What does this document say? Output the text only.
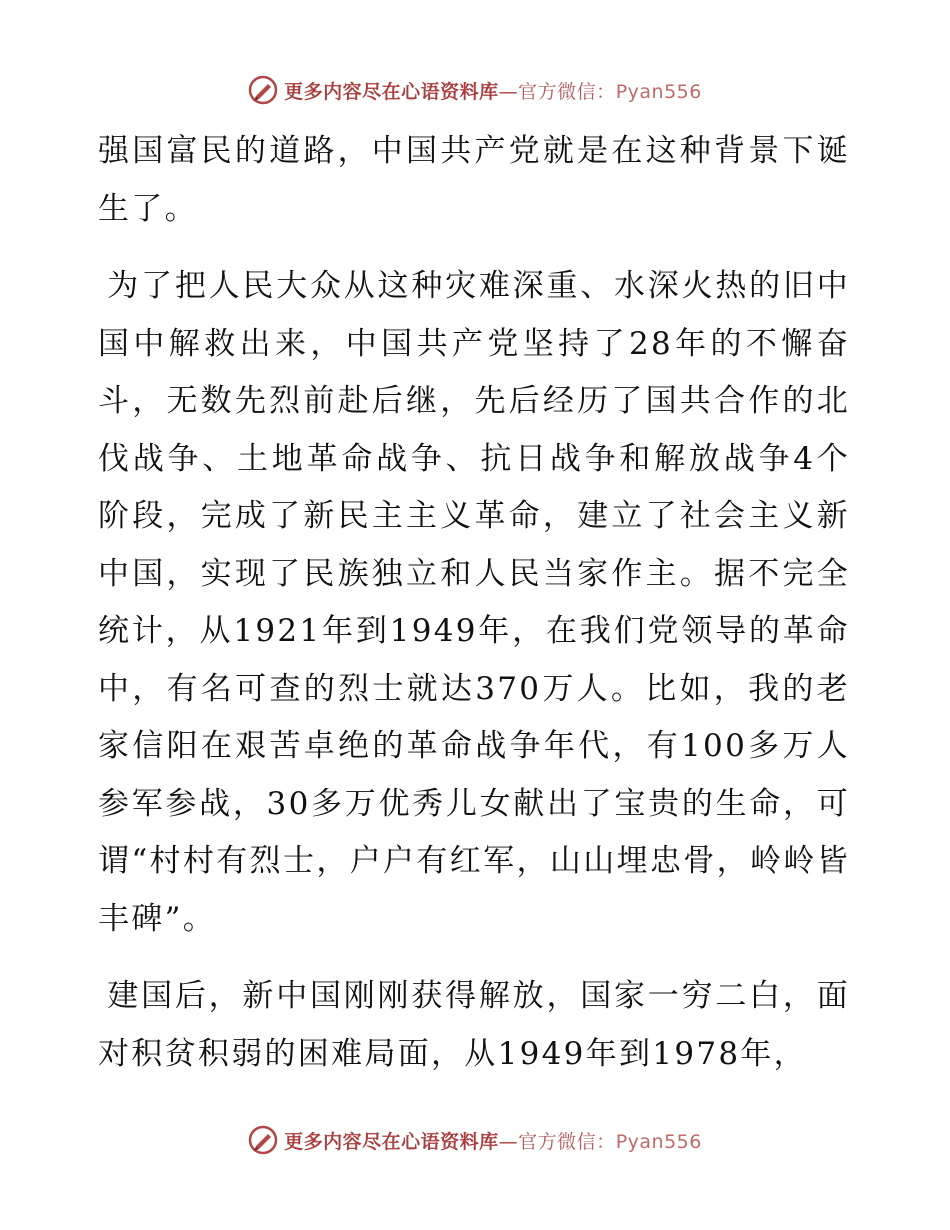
更多内容尽在心语资料库—官方微信：Pyan556

强国富民的道路，中国共产党就是在这种背景下诞生了。

为了把人民大众从这种灾难深重、水深火热的旧中国中解救出来，中国共产党坚持了28年的不懈奋斗，无数先烈前赴后继，先后经历了国共合作的北伐战争、土地革命战争、抗日战争和解放战争4个阶段，完成了新民主主义革命，建立了社会主义新中国，实现了民族独立和人民当家作主。据不完全统计，从1921年到1949年，在我们党领导的革命中，有名可查的烈士就达370万人。比如，我的老家信阳在艰苦卓绝的革命战争年代，有100多万人参军参战，30多万优秀儿女献出了宝贵的生命，可谓“村村有烈士，户户有红军，山山埋忠骨，岭岭皆丰碑”。

建国后，新中国刚刚获得解放，国家一穷二白，面对积贫积弱的困难局面，从1949年到1978年，

更多内容尽在心语资料库—官方微信：Pyan556
